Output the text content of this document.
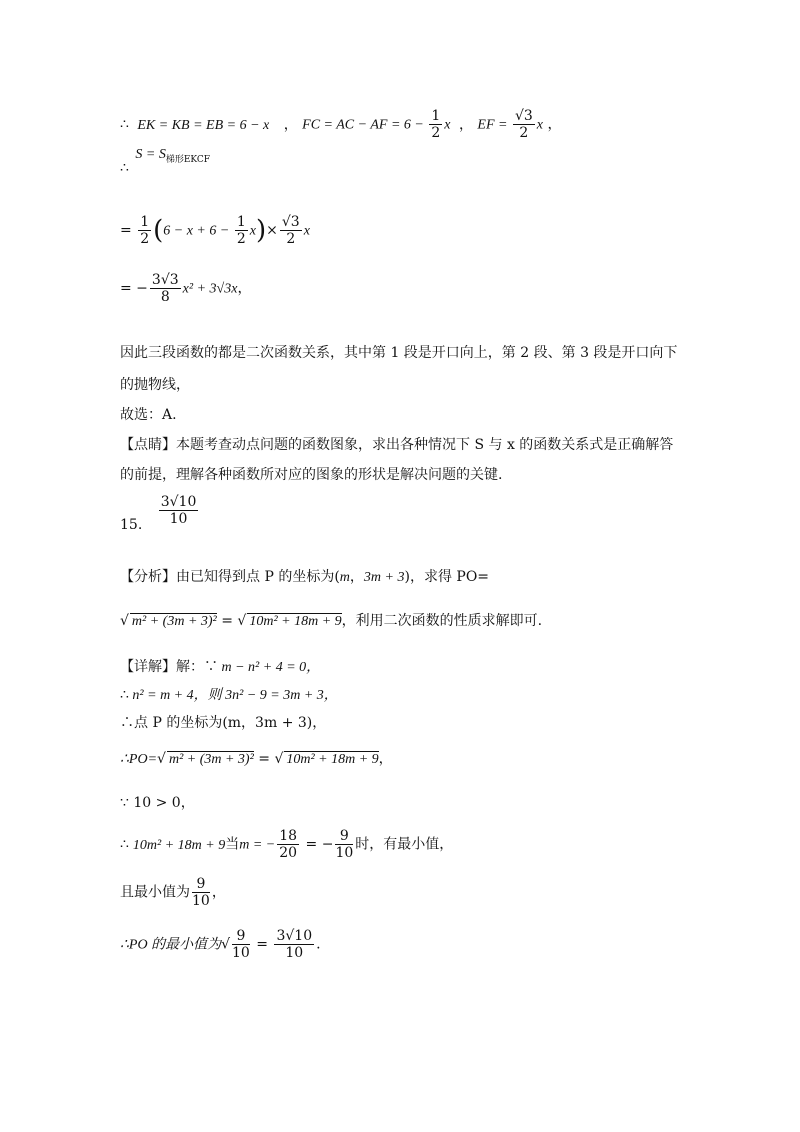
∴ EK = KB = EB = 6 − x ， FC = AC − AF = $6 - \frac{1}{2}$ x ， EF = $\frac{√3}{2}$ x ，
∴ $S = S_{梯形EKCF}$
= $\frac{1}{2} (6 - x + 6 - \frac{1}{2} x)\times \frac{√3}{2}$ x
= − $\frac{3√3}{8} x^2 + 3√3x$，
因此三段函数的都是二次函数关系，其中第 1 段是开口向上，第 2 段、第 3 段是开口向下
的抛物线，
故选：A.
【点睛】本题考查动点问题的函数图象，求出各种情况下 S 与 x 的函数关系式是正确解答
的前提，理解各种函数所对应的图象的形状是解决问题的关键.
15. $\frac{3√10}{10}$
【分析】由已知得到点 P 的坐标为(m，3m + 3)，求得 PO=
√ m² + (3m + 3)² = √ 10m² + 18m + 9，利用二次函数的性质求解即可.
【详解】解：∵ m − n² + 4 = 0，
∴ n² = m + 4，则 3n² − 9 = 3m + 3，
∴点 P 的坐标为(m，3m + 3)，
∴PO=√ m² + (3m + 3)² = √ 10m² + 18m + 9，
∵ 10 > 0，
∴ 10m² + 18m + 9当m = − $\frac{18}{20}$ = − $\frac{9}{10}$ 时，有最小值，
且最小值为 $\frac{9}{10}$ ，
∴PO 的最小值为√ $\frac{9}{10} = \frac{3√10}{10}$ .
